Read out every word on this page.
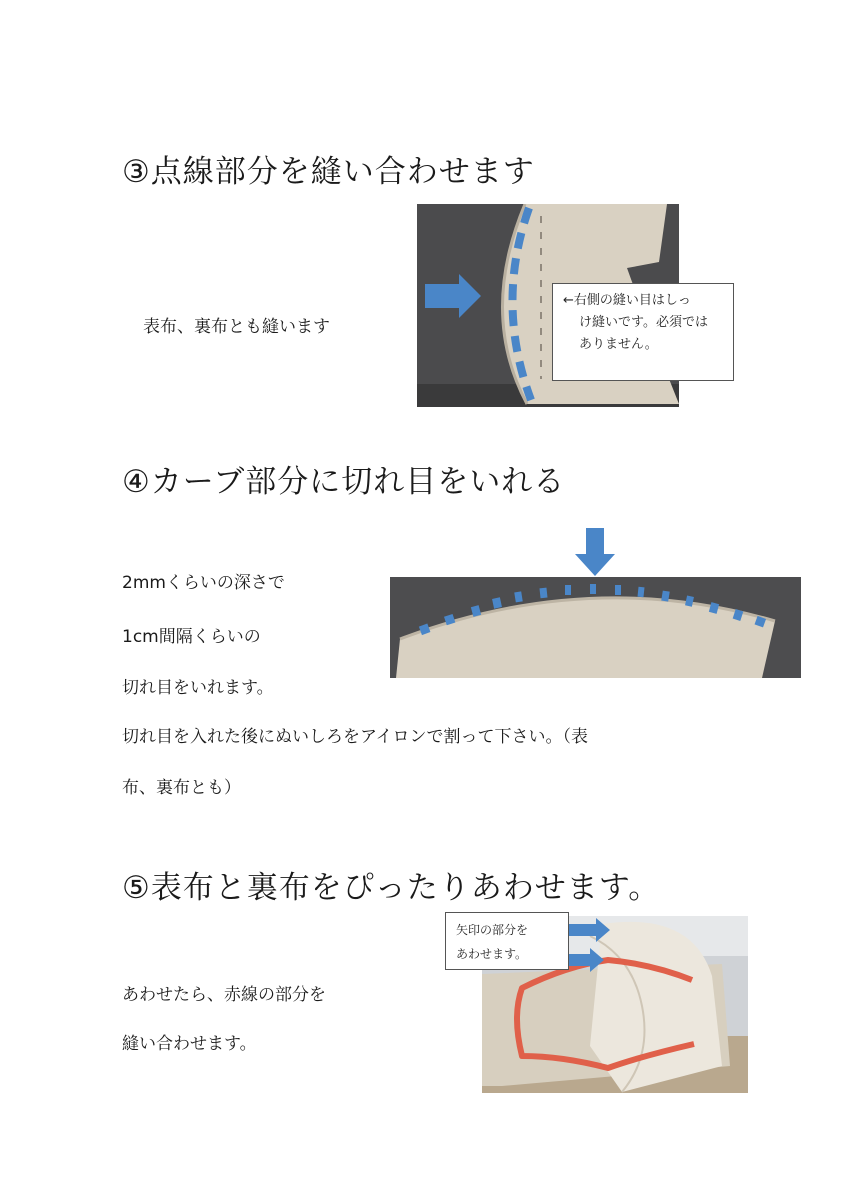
③点線部分を縫い合わせます
表布、裏布とも縫います
←右側の縫い目はしっ
け縫いです。必須では
ありません。
④カーブ部分に切れ目をいれる
2mmくらいの深さで
1cm間隔くらいの
切れ目をいれます。
切れ目を入れた後にぬいしろをアイロンで割って下さい。（表
布、裏布とも）
⑤表布と裏布をぴったりあわせます。
あわせたら、赤線の部分を
縫い合わせます。
矢印の部分を
あわせます。
